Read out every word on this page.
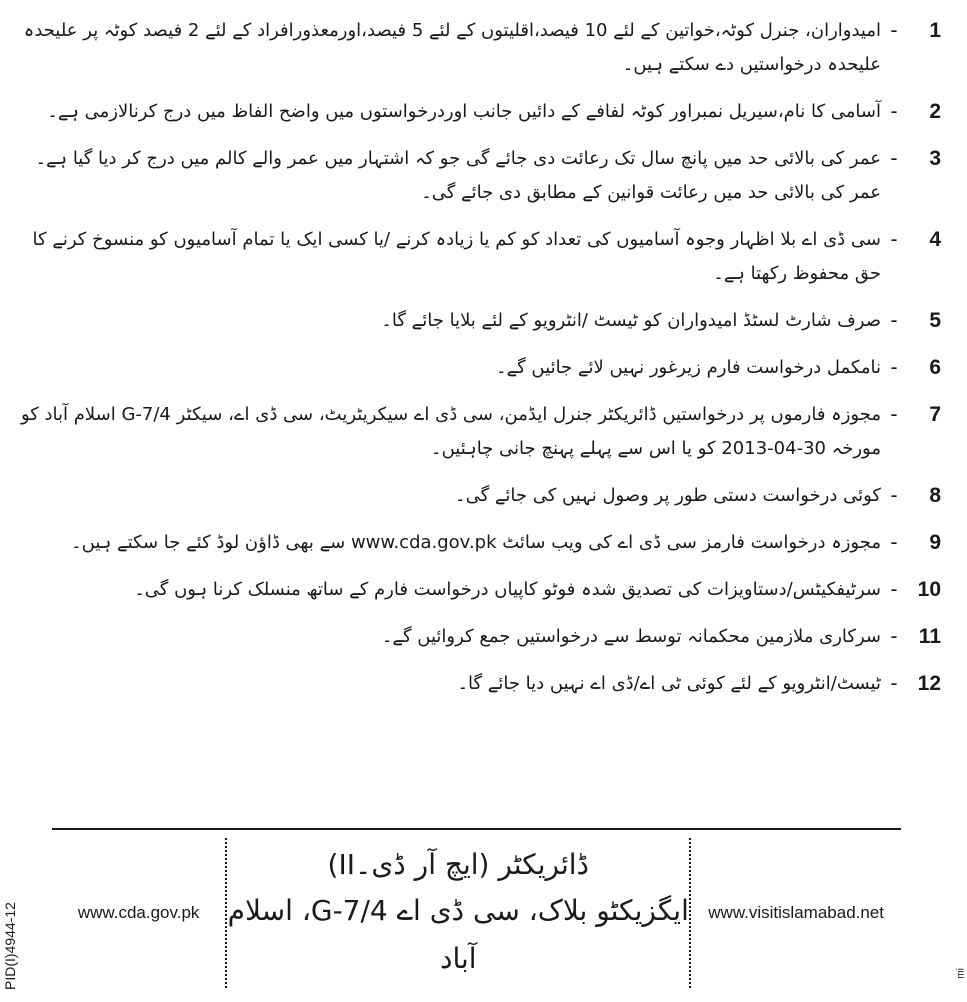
1
-
امیدواران، جنرل کوٹہ،خواتین کے لئے 10 فیصد،اقلیتوں کے لئے 5 فیصد،اورمعذورافراد کے لئے 2 فیصد کوٹہ پر علیحدہ علیحدہ درخواستیں دے سکتے ہیں۔
2
-
آسامی کا نام،سیریل نمبراور کوٹہ لفافے کے دائیں جانب اوردرخواستوں میں واضح الفاظ میں درج کرنالازمی ہے۔
3
-
عمر کی بالائی حد میں پانچ سال تک رعائت دی جائے گی جو کہ اشتہار میں عمر والے کالم میں درج کر دیا گیا ہے۔عمر کی بالائی حد میں رعائت قوانین کے مطابق دی جائے گی۔
4
-
سی ڈی اے بلا اظہار وجوہ آسامیوں کی تعداد کو کم یا زیادہ کرنے /یا کسی ایک یا تمام آسامیوں کو منسوخ کرنے کا حق محفوظ رکھتا ہے۔
5
-
صرف شارٹ لسٹڈ امیدواران کو ٹیسٹ /انٹرویو کے لئے بلایا جائے گا۔
6
-
نامکمل درخواست فارم زیرغور نہیں لائے جائیں گے۔
7
-
مجوزہ فارموں پر درخواستیں ڈائریکٹر جنرل ایڈمن، سی ڈی اے سیکریٹریٹ، سی ڈی اے، سیکٹر G-7/4 اسلام آباد کو مورخہ 30-04-2013 کو یا اس سے پہلے پہنچ جانی چاہئیں۔
8
-
کوئی درخواست دستی طور پر وصول نہیں کی جائے گی۔
9
-
مجوزہ درخواست فارمز سی ڈی اے کی ویب سائٹ www.cda.gov.pk سے بھی ڈاؤن لوڈ کئے جا سکتے ہیں۔
10
-
سرٹیفکیٹس/دستاویزات کی تصدیق شدہ فوٹو کاپیاں درخواست فارم کے ساتھ منسلک کرنا ہوں گی۔
11
-
سرکاری ملازمین محکمانہ توسط سے درخواستیں جمع کروائیں گے۔
12
-
ٹیسٹ/انٹرویو کے لئے کوئی ٹی اے/ڈی اے نہیں دیا جائے گا۔
www.cda.gov.pk
ڈائریکٹر (ایچ آر ڈی۔II)
ایگزیکٹو بلاک، سی ڈی اے G-7/4، اسلام آباد
www.visitislamabad.net
PID(I)4944-12	mi
